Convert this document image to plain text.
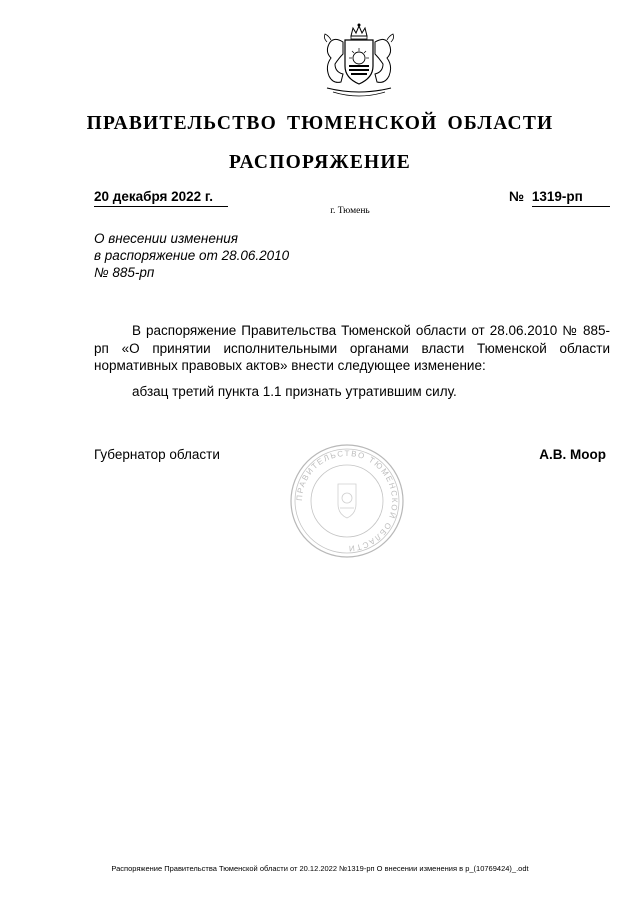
ПРАВИТЕЛЬСТВО ТЮМЕНСКОЙ ОБЛАСТИ
РАСПОРЯЖЕНИЕ
20 декабря 2022 г.	№ 1319-рп
г. Тюмень
О внесении изменения
в распоряжение от 28.06.2010
№ 885-рп

В распоряжение Правительства Тюменской области от 28.06.2010 № 885-рп «О принятии исполнительными органами власти Тюменской области нормативных правовых актов» внести следующее изменение:

абзац третий пункта 1.1 признать утратившим силу.

ПРАВИТЕЛЬСТВО ТЮМЕНСКОЙ ОБЛАСТИ
Губернатор области	А.В. Моор
Распоряжение Правительства Тюменской области от 20.12.2022 №1319-рп О внесении изменения в р_(10769424)_.odt
